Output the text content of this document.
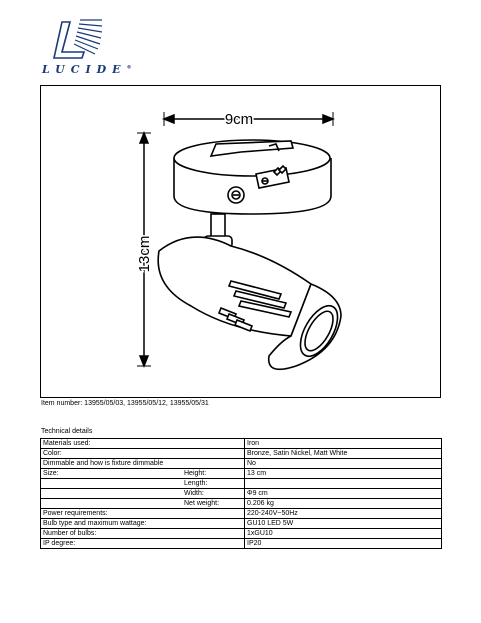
LUCIDE®
9cm
13cm
Item number: 13955/05/03, 13955/05/12, 13955/05/31
Technical details
Materials used:	Iron

Color:	Bronze, Satin Nickel, Matt White

Dimmable and how is fixture dimmable	No

Size: Height:	13 cm

Length:	

Width:	Φ9 cm

Net weight:	0.206 kg

Power requirements:	220-240V~50Hz

Bulb type and maximum wattage:	GU10 LED 5W

Number of bulbs:	1xGU10

IP degree:	IP20
